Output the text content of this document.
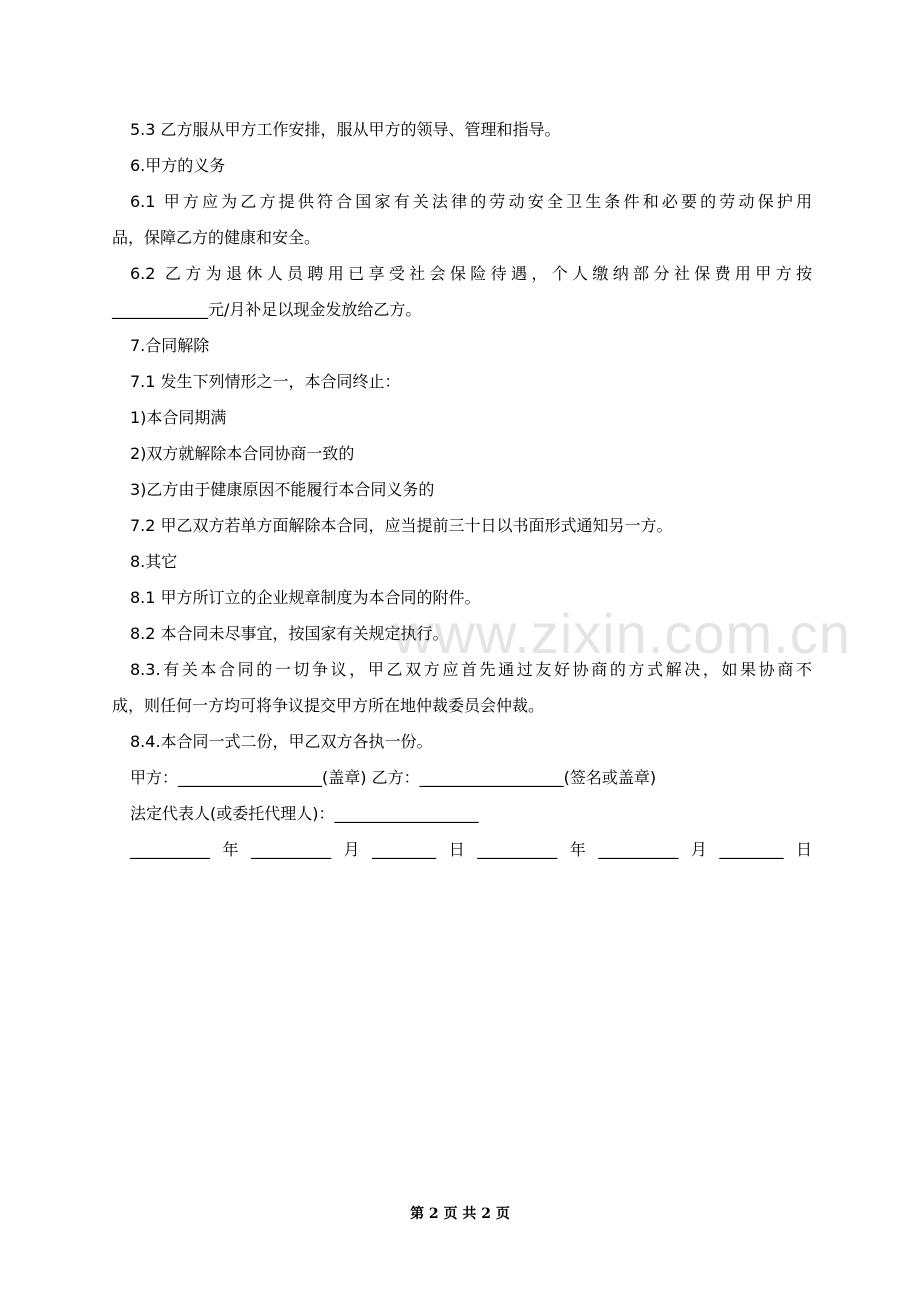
www.zixin.com.cn
5.3 乙方服从甲方工作安排，服从甲方的领导、管理和指导。
6.甲方的义务
6.1 甲方应为乙方提供符合国家有关法律的劳动安全卫生条件和必要的劳动保护用
品，保障乙方的健康和安全。
6.2 乙方为退休人员聘用已享受社会保险待遇，个人缴纳部分社保费用甲方按
____________元/月补足以现金发放给乙方。
7.合同解除
7.1 发生下列情形之一，本合同终止：
1)本合同期满
2)双方就解除本合同协商一致的
3)乙方由于健康原因不能履行本合同义务的
7.2 甲乙双方若单方面解除本合同，应当提前三十日以书面形式通知另一方。
8.其它
8.1 甲方所订立的企业规章制度为本合同的附件。
8.2 本合同未尽事宜，按国家有关规定执行。
8.3.有关本合同的一切争议，甲乙双方应首先通过友好协商的方式解决，如果协商不
成，则任何一方均可将争议提交甲方所在地仲裁委员会仲裁。
8.4.本合同一式二份，甲乙双方各执一份。
甲方：__________________(盖章) 乙方：__________________(签名或盖章)
法定代表人(或委托代理人)：__________________
__________年__________月________日__________年__________月________日
第 2 页 共 2 页
